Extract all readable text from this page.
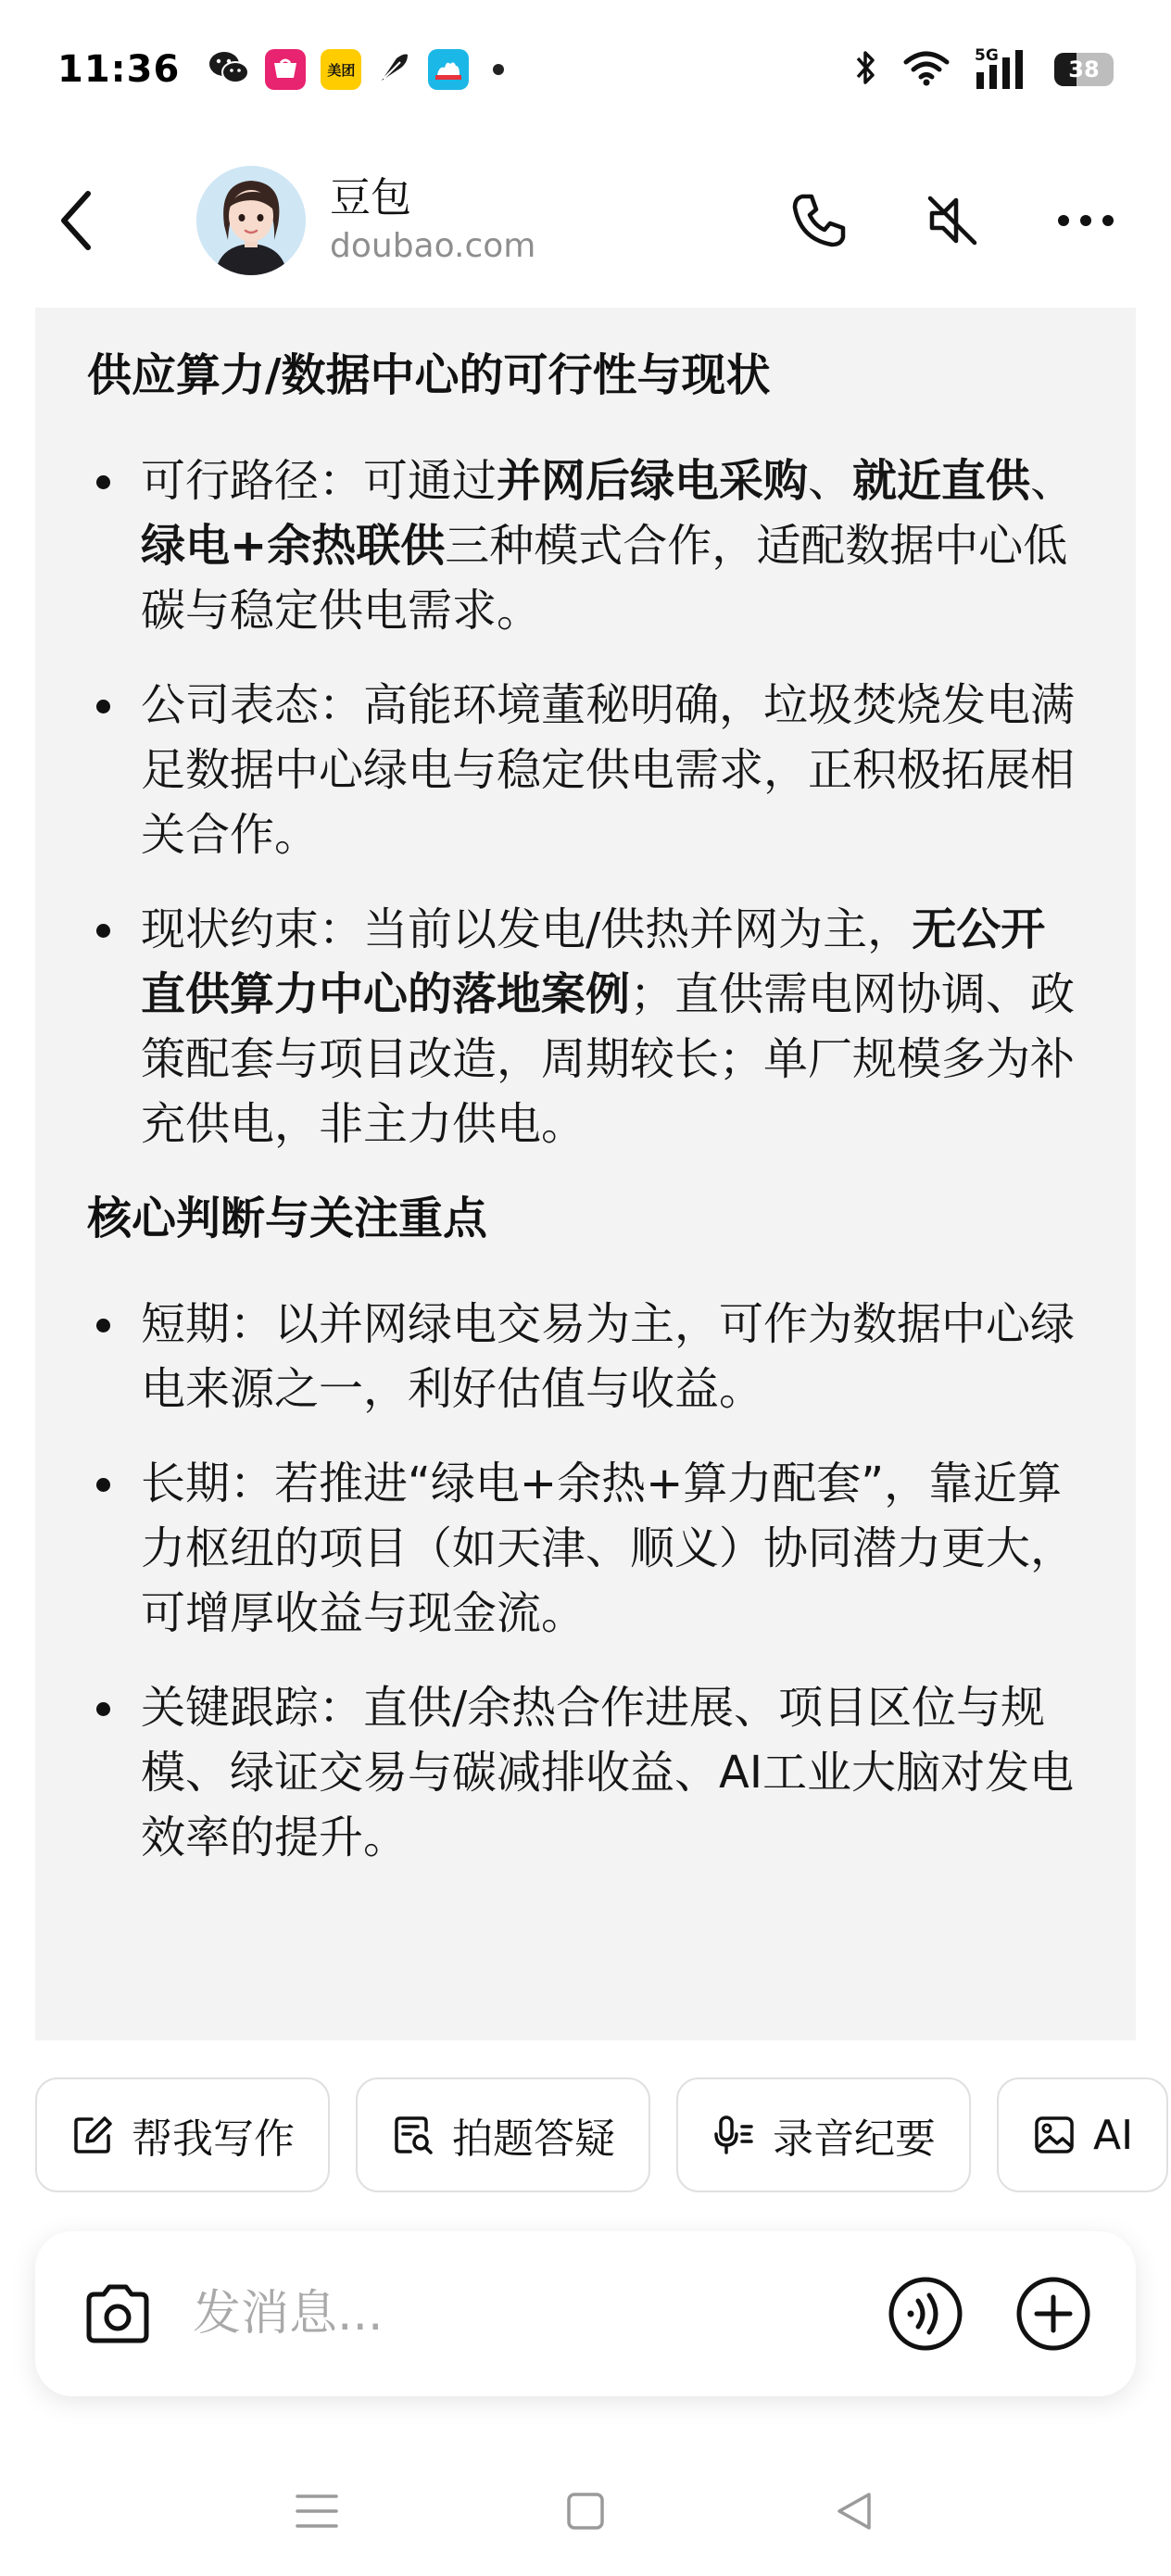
11:36	美团
5G
38
豆包
doubao.com
供应算力/数据中心的可行性与现状
可行路径：可通过并网后绿电采购、就近直供、绿电+余热联供三种模式合作，适配数据中心低碳与稳定供电需求。
公司表态：高能环境董秘明确，垃圾焚烧发电满足数据中心绿电与稳定供电需求，正积极拓展相关合作。
现状约束：当前以发电/供热并网为主，无公开直供算力中心的落地案例；直供需电网协调、政策配套与项目改造，周期较长；单厂规模多为补充供电，非主力供电。
核心判断与关注重点
短期：以并网绿电交易为主，可作为数据中心绿电来源之一，利好估值与收益。
长期：若推进“绿电+余热+算力配套”，靠近算力枢纽的项目（如天津、顺义）协同潜力更大，可增厚收益与现金流。
关键跟踪：直供/余热合作进展、项目区位与规模、绿证交易与碳减排收益、AI工业大脑对发电效率的提升。
帮我写作	拍题答疑	录音纪要	AI
发消息...
